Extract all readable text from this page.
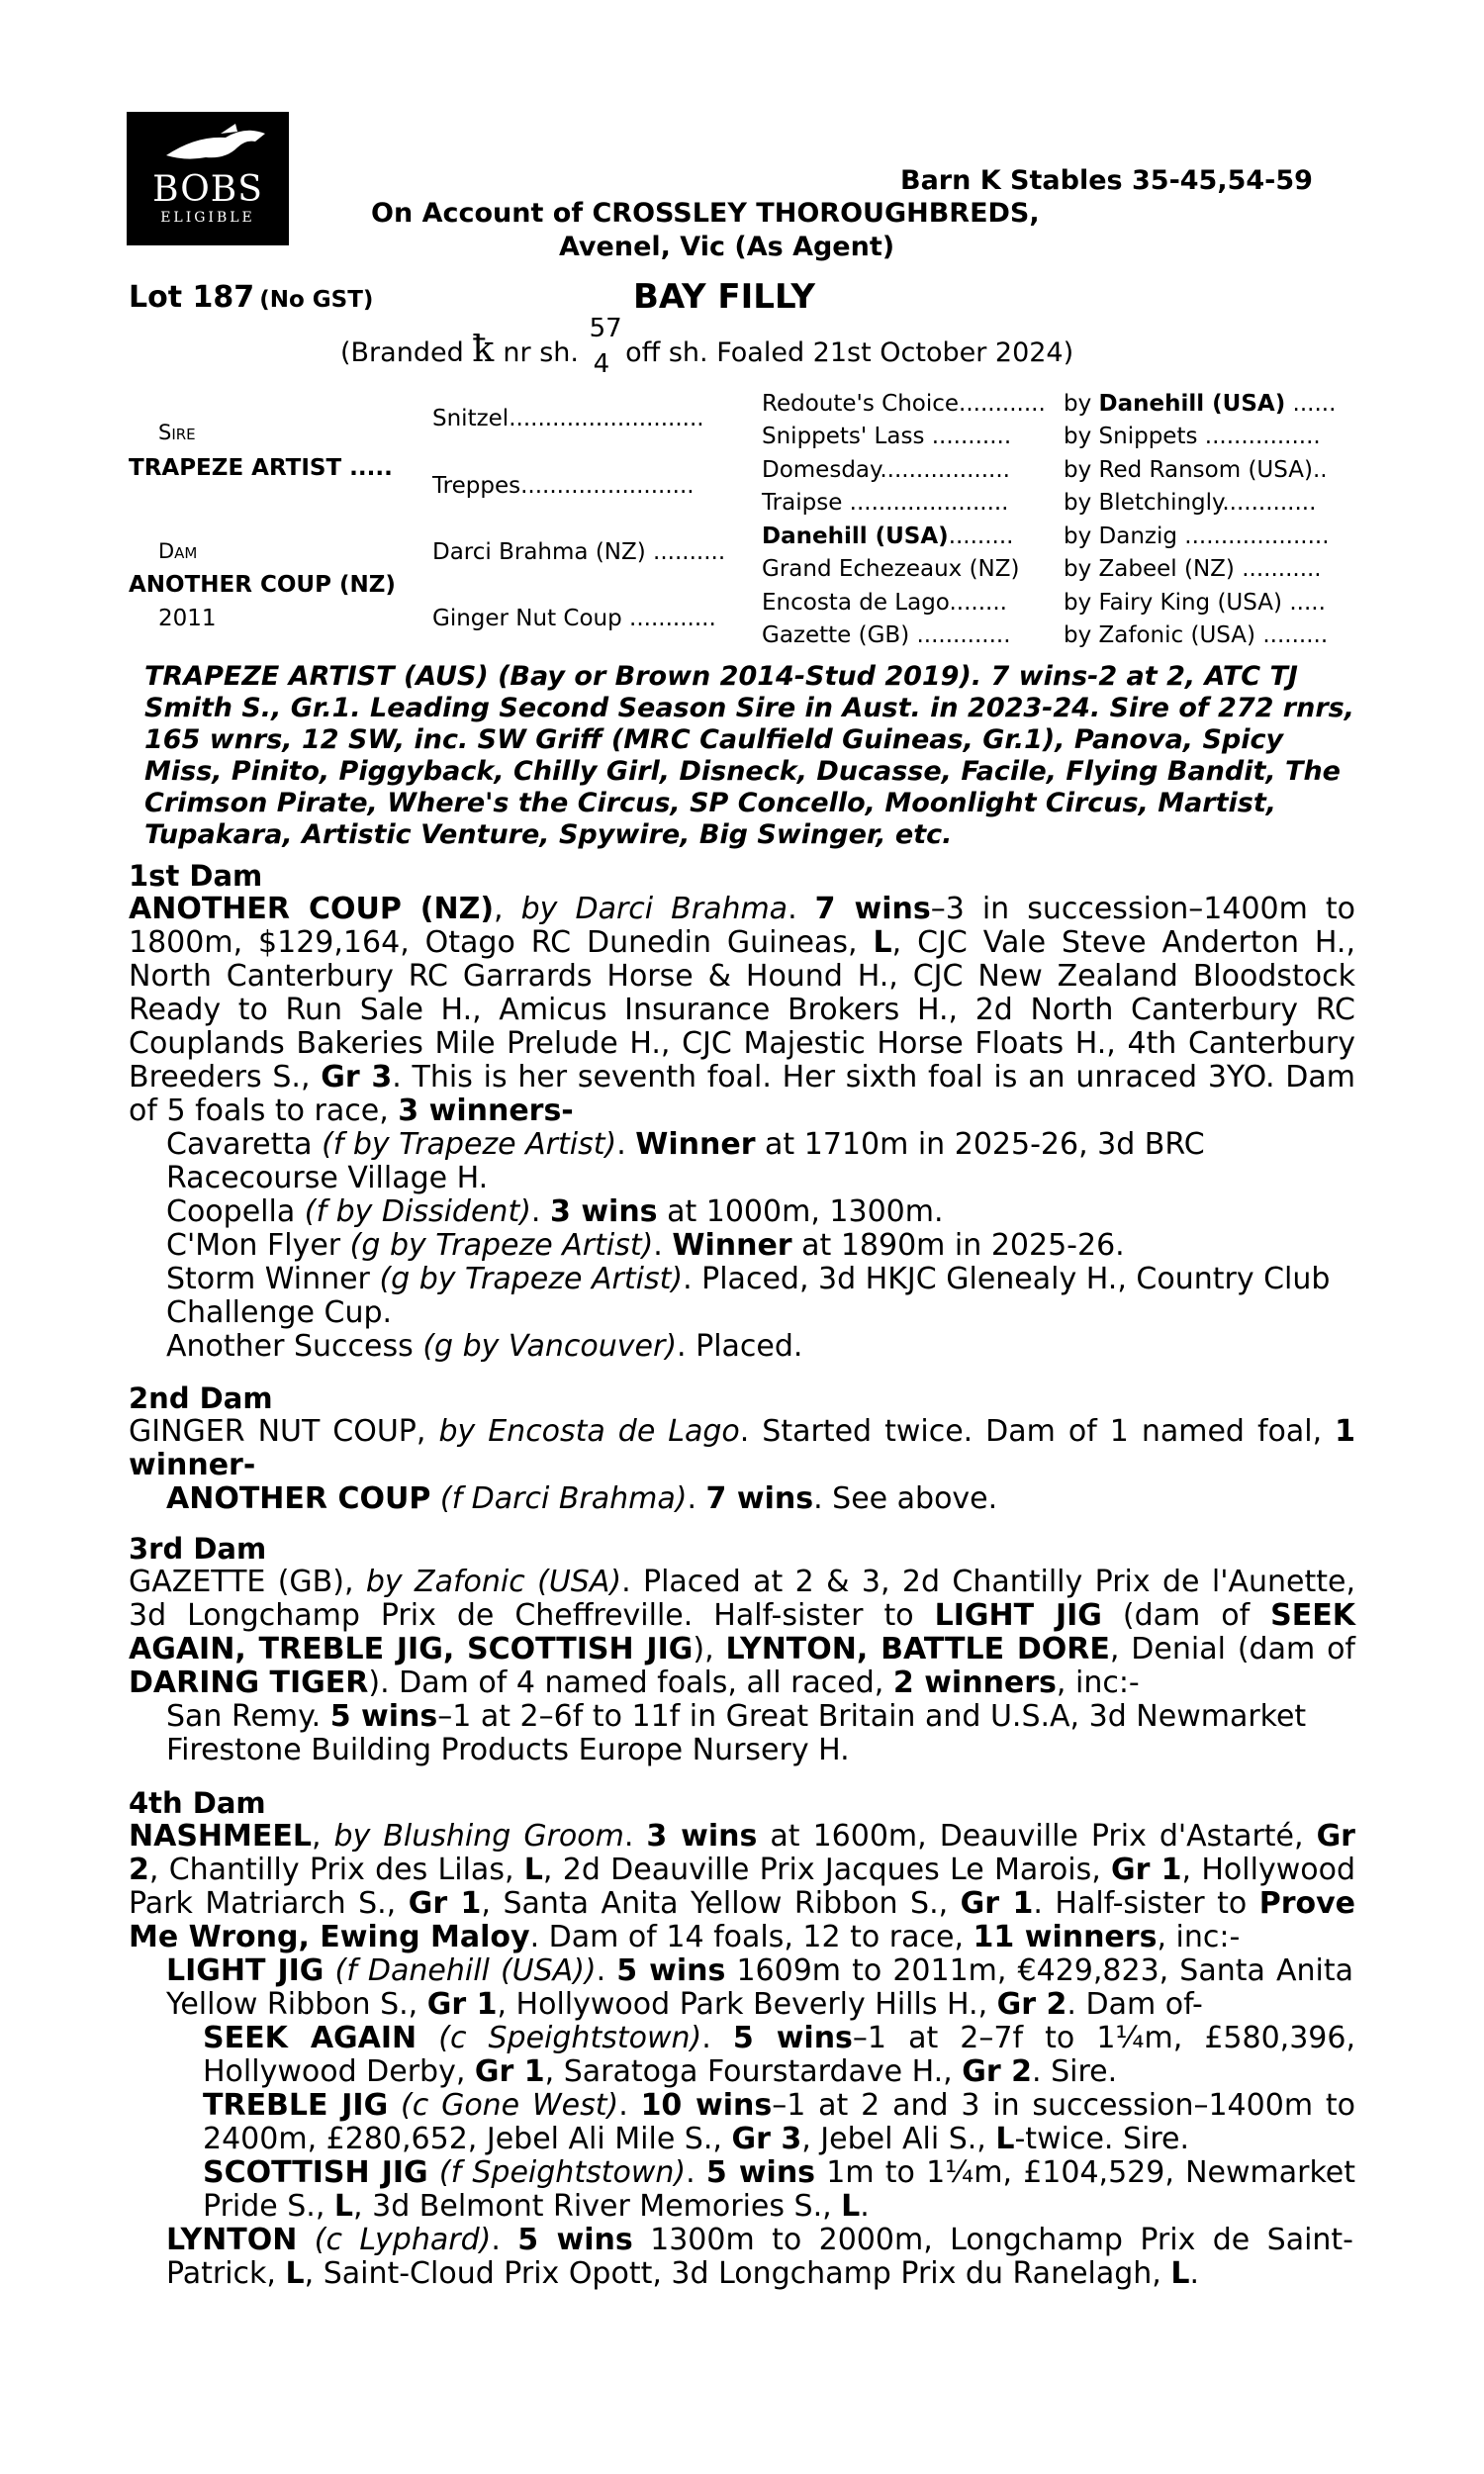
BOBS
ELIGIBLE
Barn K Stables 35-45,54-59
On Account of CROSSLEY THOROUGHBREDS,
Avenel, Vic (As Agent)
Lot 187 (No GST)	BAY FILLY
(Branded ꝁ nr sh.
57
4 off sh. Foaled 21st October 2024)
Sire
TRAPEZE ARTIST .....
Dam
ANOTHER COUP (NZ)
2011
Snitzel...........................
Treppes........................
Darci Brahma (NZ) ..........
Ginger Nut Coup ............
Redoute's Choice............
Snippets' Lass ...........
Domesday..................
Traipse ......................
Danehill (USA).........
Grand Echezeaux (NZ)
Encosta de Lago........
Gazette (GB) .............
by Danehill (USA) ......
by Snippets ................
by Red Ransom (USA)..
by Bletchingly.............
by Danzig ....................
by Zabeel (NZ) ...........
by Fairy King (USA) .....
by Zafonic (USA) .........
TRAPEZE ARTIST (AUS) (Bay or Brown 2014-Stud 2019). 7 wins-2 at 2, ATC TJ Smith S., Gr.1. Leading Second Season Sire in Aust. in 2023-24. Sire of 272 rnrs, 165 wnrs, 12 SW, inc. SW Griff (MRC Caulfield Guineas, Gr.1), Panova, Spicy Miss, Pinito, Piggyback, Chilly Girl, Disneck, Ducasse, Facile, Flying Bandit, The Crimson Pirate, Where's the Circus, SP Concello, Moonlight Circus, Martist, Tupakara, Artistic Venture, Spywire, Big Swinger, etc.
1st Dam
ANOTHER COUP (NZ), by Darci Brahma. 7 wins–3 in succession–1400m to 1800m, $129,164, Otago RC Dunedin Guineas, L, CJC Vale Steve Anderton H., North Canterbury RC Garrards Horse & Hound H., CJC New Zealand Bloodstock Ready to Run Sale H., Amicus Insurance Brokers H., 2d North Canterbury RC Couplands Bakeries Mile Prelude H., CJC Majestic Horse Floats H., 4th Canterbury Breeders S., Gr 3. This is her seventh foal. Her sixth foal is an unraced 3YO. Dam of 5 foals to race, 3 winners-
Cavaretta (f by Trapeze Artist). Winner at 1710m in 2025-26, 3d BRC Racecourse Village H.
Coopella (f by Dissident). 3 wins at 1000m, 1300m.
C'Mon Flyer (g by Trapeze Artist). Winner at 1890m in 2025-26.
Storm Winner (g by Trapeze Artist). Placed, 3d HKJC Glenealy H., Country Club Challenge Cup.
Another Success (g by Vancouver). Placed.
2nd Dam
GINGER NUT COUP, by Encosta de Lago. Started twice. Dam of 1 named foal, 1 winner-
ANOTHER COUP (f Darci Brahma). 7 wins. See above.
3rd Dam
GAZETTE (GB), by Zafonic (USA). Placed at 2 & 3, 2d Chantilly Prix de l'Aunette, 3d Longchamp Prix de Cheffreville. Half-sister to LIGHT JIG (dam of SEEK AGAIN, TREBLE JIG, SCOTTISH JIG), LYNTON, BATTLE DORE, Denial (dam of DARING TIGER). Dam of 4 named foals, all raced, 2 winners, inc:-
San Remy. 5 wins–1 at 2–6f to 11f in Great Britain and U.S.A, 3d Newmarket Firestone Building Products Europe Nursery H.
4th Dam
NASHMEEL, by Blushing Groom. 3 wins at 1600m, Deauville Prix d'Astarté, Gr 2, Chantilly Prix des Lilas, L, 2d Deauville Prix Jacques Le Marois, Gr 1, Hollywood Park Matriarch S., Gr 1, Santa Anita Yellow Ribbon S., Gr 1. Half-sister to Prove Me Wrong, Ewing Maloy. Dam of 14 foals, 12 to race, 11 winners, inc:-
LIGHT JIG (f Danehill (USA)). 5 wins 1609m to 2011m, €429,823, Santa Anita Yellow Ribbon S., Gr 1, Hollywood Park Beverly Hills H., Gr 2. Dam of-
SEEK AGAIN (c Speightstown). 5 wins–1 at 2–7f to 1¼m, £580,396, Hollywood Derby, Gr 1, Saratoga Fourstardave H., Gr 2. Sire.
TREBLE JIG (c Gone West). 10 wins–1 at 2 and 3 in succession–1400m to 2400m, £280,652, Jebel Ali Mile S., Gr 3, Jebel Ali S., L-twice. Sire.
SCOTTISH JIG (f Speightstown). 5 wins 1m to 1¼m, £104,529, Newmarket Pride S., L, 3d Belmont River Memories S., L.
LYNTON (c Lyphard). 5 wins 1300m to 2000m, Longchamp Prix de Saint-Patrick, L, Saint-Cloud Prix Opott, 3d Longchamp Prix du Ranelagh, L.
